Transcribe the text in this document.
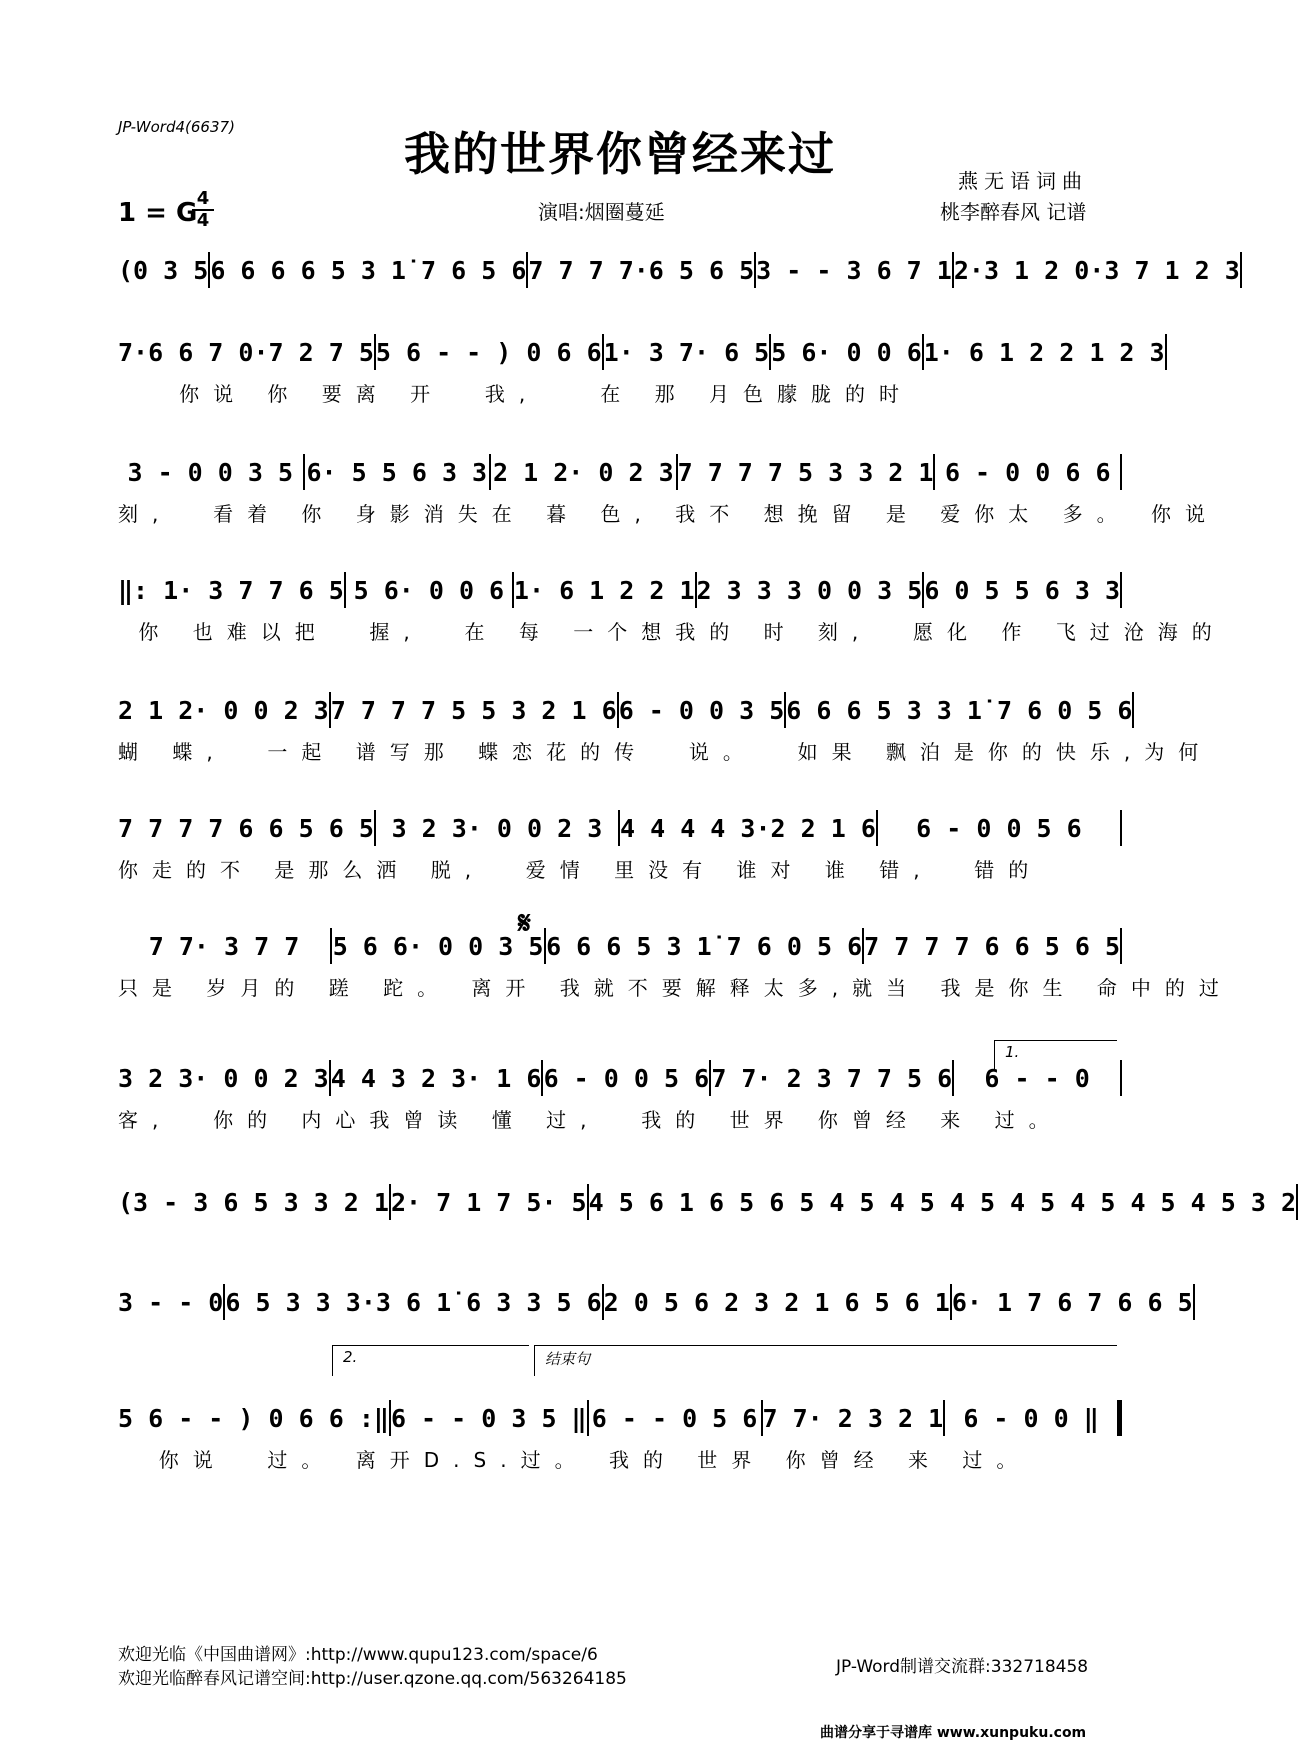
JP-Word4(6637)	我的世界你曾经来过	燕无语词曲
桃李醉春风 记谱
1 = G 4
4	演唱:烟圈蔓延
(0 3 5 6 6 6 6 5 3 1̇ 7 6 5 6 7 7 7 7·6 5 6 5 3 - - 3 6 7 1 2·3 1 2 0·3 7 1 2 3
7·6 6 7 0·7 2 7 5 5 6 - - ) 0 6 6 1· 3 7· 6 5 5 6· 0 0 6 1· 6 1 2 2 1 2 3
你说 你 要离 开  我,   在 那 月色朦胧的时
3 - 0 0 3 5 6· 5 5 6 3 3 2 1 2· 0 2 3 7 7 7 7 5 3 3 2 1 6 - 0 0 6 6
刻,  看着 你 身影消失在 暮 色, 我不 想挽留 是 爱你太 多。 你说
‖: 1· 3 7 7 6 5 5 6· 0 0 6 1· 6 1 2 2 1 2 3 3 3 0 0 3 5 6 0 5 5 6 3 3
你 也难以把  握,  在 每 一个想我的 时 刻,  愿化 作 飞过沧海的
2 1 2· 0 0 2 3 7 7 7 7 5 5 3 2 1 6 6 - 0 0 3 5 6 6 6 5 3 3 1̇ 7 6 0 5 6
蝴 蝶,  一起 谱写那 蝶恋花的传  说。  如果 飘泊是你的快乐,为何
7 7 7 7 6 6 5 6 5 3 2 3· 0 0 2 3 4 4 4 4 3·2 2 1 6	6 - 0 0 5 6
你走的不 是那么洒 脱,  爱情 里没有 谁对 谁 错,  错的
7 7· 3 7 7	5 6 6· 0 0 3 5 6 6 6 5 3 1̇ 7 6 0 5 6 7 7 7 7 6 6 5 6 5
只是 岁月的 蹉 跎。 离开 我就不要解释太多,就当 我是你生 命中的过
3 2 3· 0 0 2 3 4 4 3 2 3· 1 6 6 - 0 0 5 6 7 7· 2 3 7 7 5 6	6 - - 0
客,  你的 内心我曾读 懂 过,  我的 世界 你曾经 来 过。
(3 - 3 6 5 3 3 2 1 2· 7 1 7 5· 5 4 5 6 1 6 5 6 5 4 5 4 5 4 5 4 5 4 5 4 5 4 5 3 2
3 - - 0 6 5 3 3 3·3 6 1̇ 6 3 3 5 6 2 0 5 6 2 3 2 1 6 5 6 1 6· 1 7 6 7 6 6 5
5 6 - - ) 0 6 6 :‖ 6 - - 0 3 5 ‖ 6 - - 0 5 6 7 7· 2 3 2 1 6 - 0 0 ‖
你说  过。 离开D.S.过。 我的 世界 你曾经 来 过。
𝄋
1.
2.	结束句
欢迎光临《中国曲谱网》:http://www.qupu123.com/space/6
欢迎光临醉春风记谱空间:http://user.qzone.qq.com/563264185
JP-Word制谱交流群:332718458
曲谱分享于寻谱库 www.xunpuku.com
